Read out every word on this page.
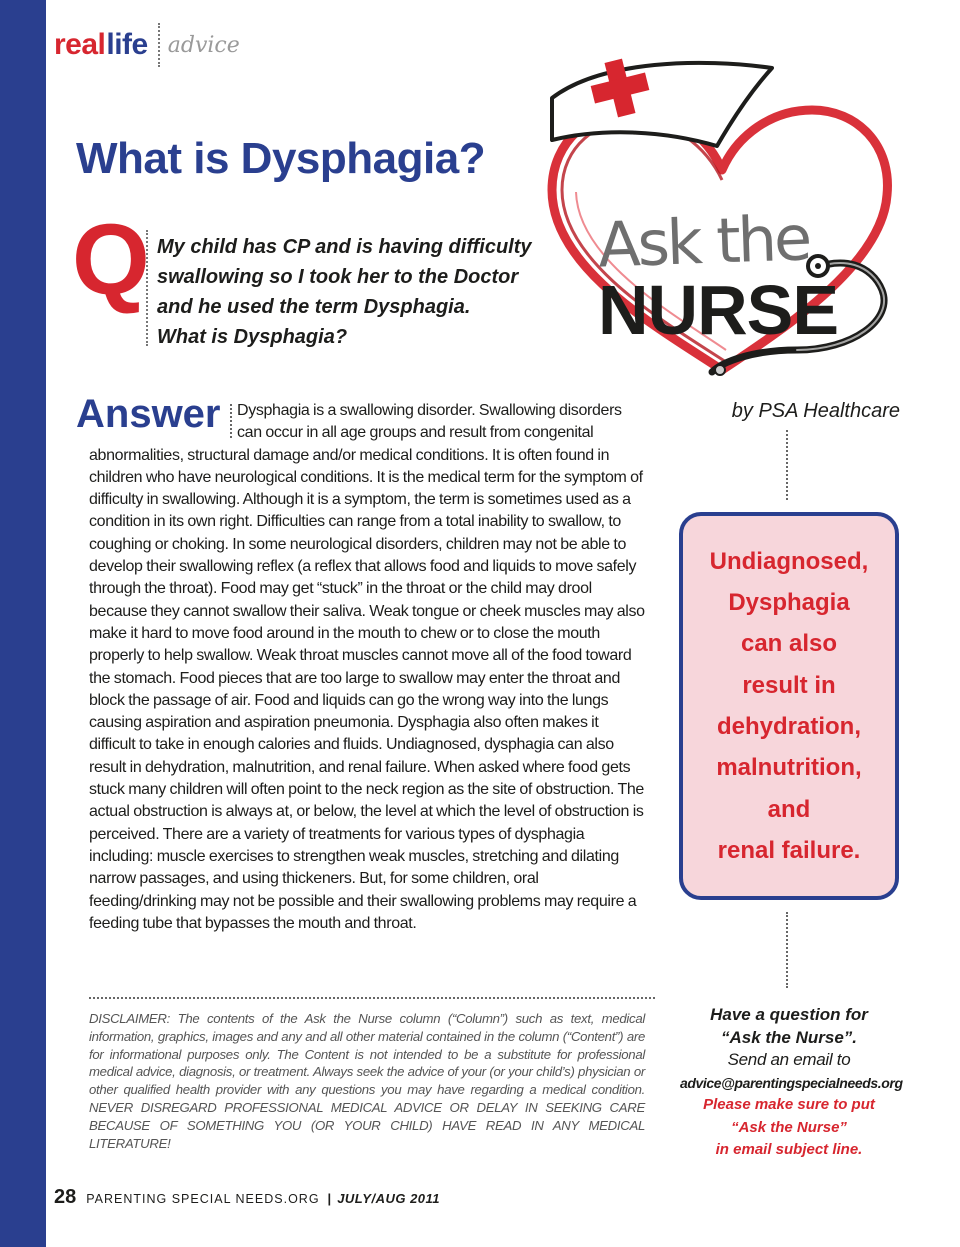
real life advice
What is Dysphagia?
Q My child has CP and is having difficulty
swallowing so I took her to the Doctor
and he used the term Dysphagia.
What is Dysphagia?
Ask the
NURSE
by PSA Healthcare
Answer	Dysphagia is a swallowing disorder. Swallowing disorders can occur in all age groups and result from congenital abnormalities, structural damage and/or medical conditions. It is often found in children who have neurological conditions. It is the medical term for the symptom of difficulty in swallowing. Although it is a symptom, the term is sometimes used as a condition in its own right. Difficulties can range from a total inability to swallow, to coughing or choking. In some neurological disorders, children may not be able to develop their swallowing reflex (a reflex that allows food and liquids to move safely through the throat). Food may get “stuck” in the throat or the child may drool because they cannot swallow their saliva. Weak tongue or cheek muscles may also make it hard to move food around in the mouth to chew or to close the mouth properly to help swallow. Weak throat muscles cannot move all of the food toward the stomach. Food pieces that are too large to swallow may enter the throat and block the passage of air. Food and liquids can go the wrong way into the lungs causing aspiration and aspiration pneumonia. Dysphagia also often makes it difficult to take in enough calories and fluids. Undiagnosed, dysphagia can also result in dehydration, malnutrition, and renal failure. When asked where food gets stuck many children will often point to the neck region as the site of obstruction. The actual obstruction is always at, or below, the level at which the level of obstruction is perceived. There are a variety of treatments for various types of dysphagia including: muscle exercises to strengthen weak muscles, stretching and dilating narrow passages, and using thickeners. But, for some children, oral feeding/drinking may not be possible and their swallowing problems may require a feeding tube that bypasses the mouth and throat.

Undiagnosed,
Dysphagia
can also
result in
dehydration,
malnutrition,
and
renal failure.

DISCLAIMER: The contents of the Ask the Nurse column (“Column”) such as text, medical information, graphics, images and any and all other material contained in the column (“Content”) are for informational purposes only. The Content is not intended to be a substitute for professional medical advice, diagnosis, or treatment. Always seek the advice of your (or your child’s) physician or other qualified health provider with any questions you may have regarding a medical condition. NEVER DISREGARD PROFESSIONAL MEDICAL ADVICE OR DELAY IN SEEKING CARE BECAUSE OF SOMETHING YOU (OR YOUR CHILD) HAVE READ IN ANY MEDICAL LITERATURE!

Have a question for
“Ask the Nurse”.
Send an email to
advice@parentingspecialneeds.org
Please make sure to put
“Ask the Nurse”
in email subject line.
28 PARENTING SPECIAL NEEDS.ORG | JULY/AUG 2011
